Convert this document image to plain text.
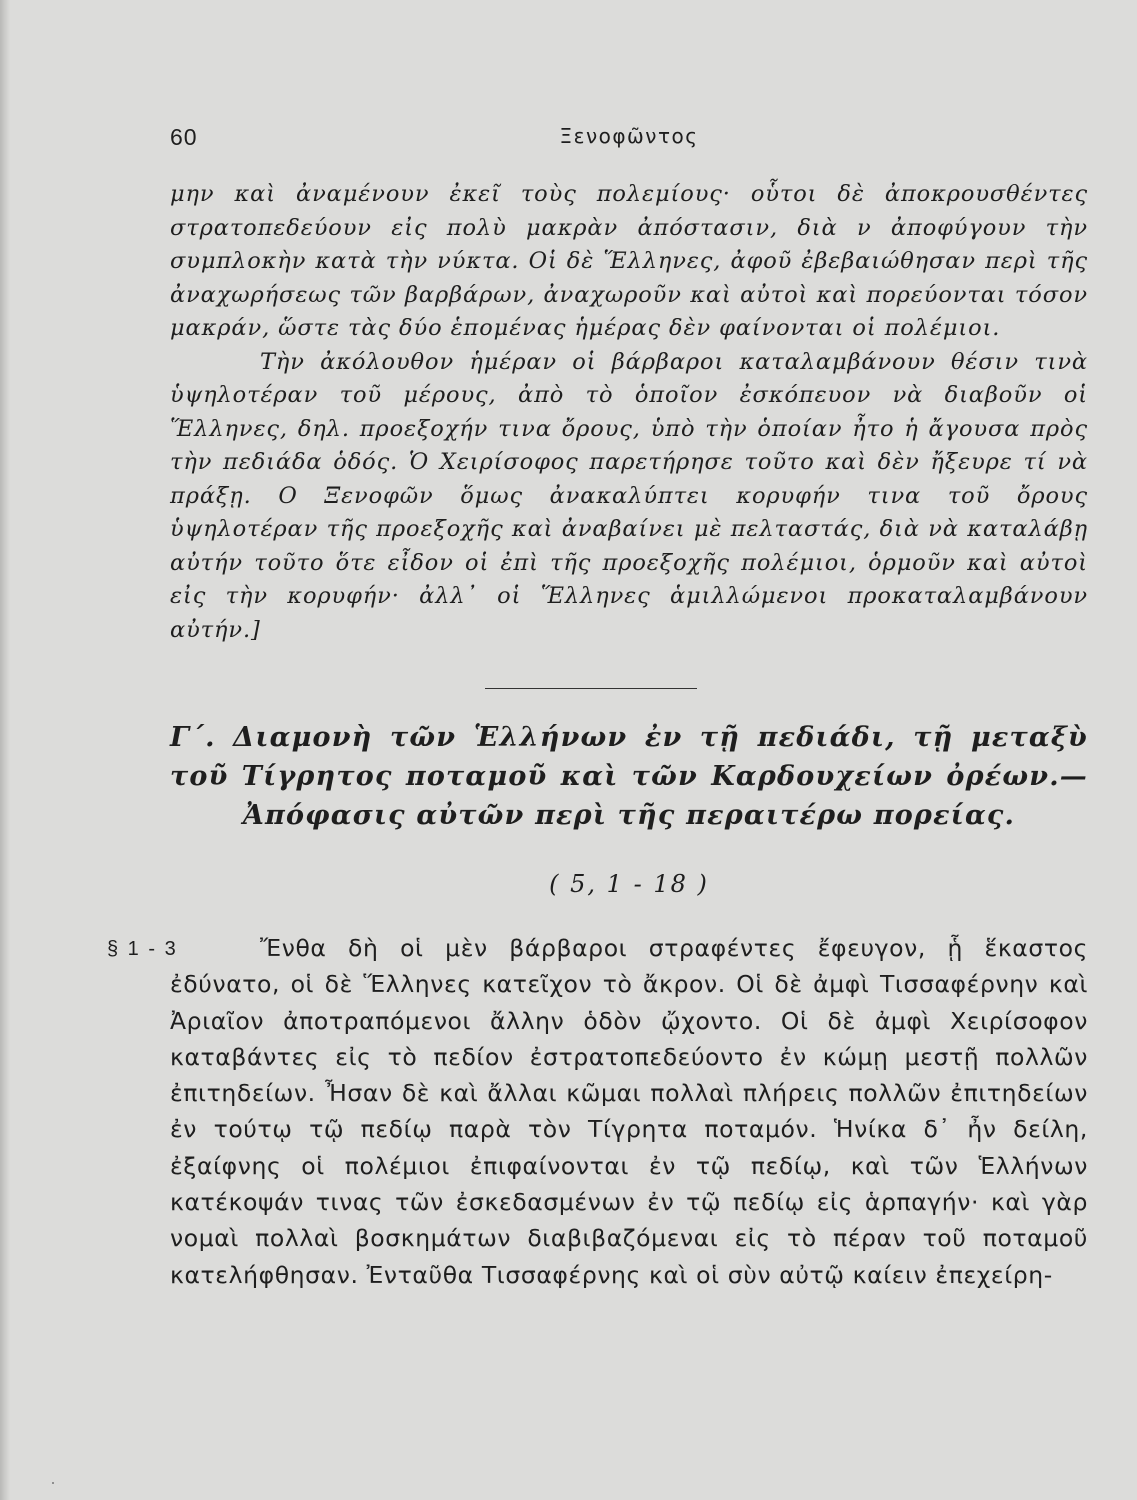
60	Ξενοφῶντος

μην καὶ ἀναμένουν ἐκεῖ τοὺς πολεμίους· οὗτοι δὲ ἀποκρουσθέντες στρατοπεδεύουν εἰς πολὺ μακρὰν ἀπόστασιν, διὰ ν ἀποφύγουν τὴν συμπλοκὴν κατὰ τὴν νύκτα. Οἱ δὲ Ἕλληνες, ἀφοῦ ἐβεβαιώθησαν περὶ τῆς ἀναχωρήσεως τῶν βαρβάρων, ἀναχωροῦν καὶ αὐτοὶ καὶ πορεύονται τόσον μακράν, ὥστε τὰς δύο ἑπομένας ἡμέρας δὲν φαίνονται οἱ πολέμιοι.

Τὴν ἀκόλουθον ἡμέραν οἱ βάρβαροι καταλαμβάνουν θέσιν τινὰ ὑψηλοτέραν τοῦ μέρους, ἀπὸ τὸ ὁποῖον ἐσκόπευον νὰ διαβοῦν οἱ Ἕλληνες, δηλ. προεξοχήν τινα ὄρους, ὑπὸ τὴν ὁποίαν ἦτο ἡ ἄγουσα πρὸς τὴν πεδιάδα ὁδός. Ὁ Χειρίσοφος παρετήρησε τοῦτο καὶ δὲν ἤξευρε τί νὰ πράξῃ. Ο Ξενοφῶν ὅμως ἀνακαλύπτει κορυφήν τινα τοῦ ὄρους ὑψηλοτέραν τῆς προεξοχῆς καὶ ἀναβαίνει μὲ πελταστάς, διὰ νὰ καταλάβῃ αὐτήν τοῦτο ὅτε εἶδον οἱ ἐπὶ τῆς προεξοχῆς πολέμιοι, ὁρμοῦν καὶ αὐτοὶ εἰς τὴν κορυφήν· ἀλλ᾽ οἱ Ἕλληνες ἁμιλλώμενοι προκαταλαμβάνουν αὐτήν.]

Γ΄. Διαμονὴ τῶν Ἑλλήνων ἐν τῇ πεδιάδι, τῇ μεταξὺ τοῦ Τίγρητος ποταμοῦ καὶ τῶν Καρδουχείων ὀρέων.—Ἀπόφασις αὐτῶν περὶ τῆς περαιτέρω πορείας.
( 5, 1 - 18 )
§ 1 - 3	Ἔνθα δὴ οἱ μὲν βάρβαροι στραφέντες ἔφευγον, ᾗ ἕκαστος ἐδύνατο, οἱ δὲ Ἕλληνες κατεῖχον τὸ ἄκρον. Οἱ δὲ ἀμφὶ Τισσαφέρνην καὶ Ἀριαῖον ἀποτραπόμενοι ἄλλην ὁδὸν ᾤχοντο. Οἱ δὲ ἀμφὶ Χειρίσοφον καταβάντες εἰς τὸ πεδίον ἐστρατοπεδεύοντο ἐν κώμῃ μεστῇ πολλῶν ἐπιτηδείων. Ἦσαν δὲ καὶ ἄλλαι κῶμαι πολλαὶ πλήρεις πολλῶν ἐπιτηδείων ἐν τούτῳ τῷ πεδίῳ παρὰ τὸν Τίγρητα ποταμόν. Ἡνίκα δ᾽ ἦν δείλη, ἐξαίφνης οἱ πολέμιοι ἐπιφαίνονται ἐν τῷ πεδίῳ, καὶ τῶν Ἑλλήνων κατέκοψάν τινας τῶν ἐσκεδασμένων ἐν τῷ πεδίῳ εἰς ἁρπαγήν· καὶ γὰρ νομαὶ πολλαὶ βοσκημάτων διαβιβαζόμεναι εἰς τὸ πέραν τοῦ ποταμοῦ κατελήφθησαν. Ἐνταῦθα Τισσαφέρνης καὶ οἱ σὺν αὐτῷ καίειν ἐπεχείρη-
